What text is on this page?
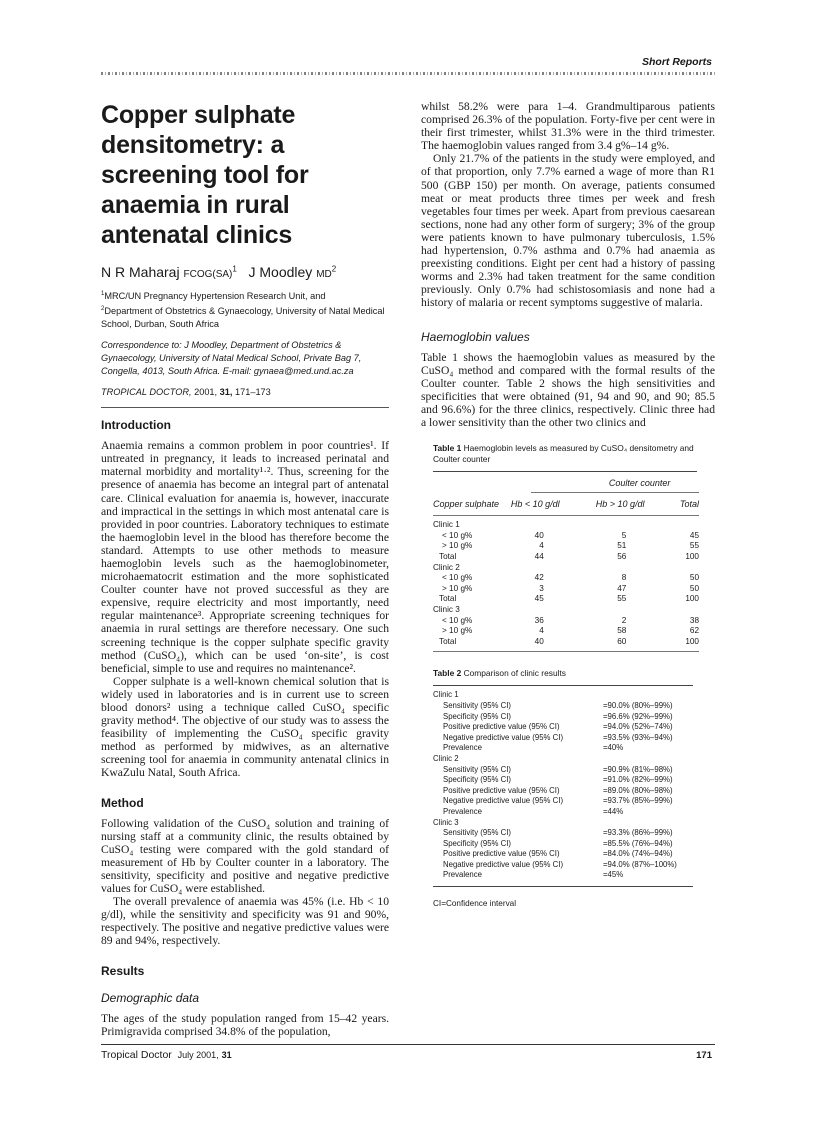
Short Reports
Copper sulphate densitometry: a screening tool for anaemia in rural antenatal clinics
N R Maharaj FCOG(SA)$^1$ J Moodley $MD^2$
$^1$MRC/UN Pregnancy Hypertension Research Unit, and
$^2$Department of Obstetrics & Gynaecology, University of Natal Medical School, Durban, South Africa
Correspondence to: J Moodley, Department of Obstetrics & Gynaecology, University of Natal Medical School, Private Bag 7, Congella, 4013, South Africa. E-mail: gynaea@med.und.ac.za
TROPICAL DOCTOR, 2001, 31, 171–173
Introduction

Anaemia remains a common problem in poor countries¹. If untreated in pregnancy, it leads to increased perinatal and maternal morbidity and mortality¹·². Thus, screening for the presence of anaemia has become an integral part of antenatal care. Clinical evaluation for anaemia is, however, inaccurate and impractical in the settings in which most antenatal care is provided in poor countries. Laboratory techniques to estimate the haemoglobin level in the blood has therefore become the standard. Attempts to use other methods to measure haemoglobin levels such as the haemoglobinometer, microhaematocrit estimation and the more sophisticated Coulter counter have not proved successful as they are expensive, require electricity and most importantly, need regular maintenance³. Appropriate screening techniques for anaemia in rural settings are therefore necessary. One such screening technique is the copper sulphate specific gravity method (CuSO₄), which can be used ‘on-site’, is cost beneficial, simple to use and requires no maintenance².

Copper sulphate is a well-known chemical solution that is widely used in laboratories and is in current use to screen blood donors² using a technique called CuSO₄ specific gravity method⁴. The objective of our study was to assess the feasibility of implementing the CuSO₄ specific gravity method as performed by midwives, as an alternative screening tool for anaemia in community antenatal clinics in KwaZulu Natal, South Africa.

Method

Following validation of the CuSO₄ solution and training of nursing staff at a community clinic, the results obtained by CuSO₄ testing were compared with the gold standard of measurement of Hb by Coulter counter in a laboratory. The sensitivity, specificity and positive and negative predictive values for CuSO₄ were established.

The overall prevalence of anaemia was 45% (i.e. Hb < 10 g/dl), while the sensitivity and specificity was 91 and 90%, respectively. The positive and negative predictive values were 89 and 94%, respectively.

Results
Demographic data

The ages of the study population ranged from 15–42 years. Primigravida comprised 34.8% of the population,

whilst 58.2% were para 1–4. Grandmultiparous patients comprised 26.3% of the population. Forty-five per cent were in their first trimester, whilst 31.3% were in the third trimester. The haemoglobin values ranged from 3.4 g%–14 g%.

Only 21.7% of the patients in the study were employed, and of that proportion, only 7.7% earned a wage of more than R1 500 (GBP 150) per month. On average, patients consumed meat or meat products three times per week and fresh vegetables four times per week. Apart from previous caesarean sections, none had any other form of surgery; 3% of the group were patients known to have pulmonary tuberculosis, 1.5% had hypertension, 0.7% asthma and 0.7% had anaemia as preexisting conditions. Eight per cent had a history of passing worms and 2.3% had taken treatment for the same condition previously. Only 0.7% had schistosomiasis and none had a history of malaria or recent symptoms suggestive of malaria.

Haemoglobin values

Table 1 shows the haemoglobin values as measured by the CuSO₄ method and compared with the formal results of the Coulter counter. Table 2 shows the high sensitivities and specificities that were obtained (91, 94 and 90, and 90; 85.5 and 96.6%) for the three clinics, respectively. Clinic three had a lower sensitivity than the other two clinics and

Table 1 Haemoglobin levels as measured by CuSO₄ densitometry and Coulter counter
	Coulter counter		

Copper sulphate	Hb < 10 g/dl	Hb > 10 g/dl	Total

Clinic 1			
< 10 g%	40	5	45
> 10 g%	4	51	55
Total	44	56	100
Clinic 2			
< 10 g%	42	8	50
> 10 g%	3	47	50
Total	45	55	100
Clinic 3			
< 10 g%	36	2	38
> 10 g%	4	58	62
Total	40	60	100

Table 2 Comparison of clinic results
Clinic 1	
Sensitivity (95% CI)	=90.0% (80%–99%)
Specificity (95% CI)	=96.6% (92%–99%)
Positive predictive value (95% CI)	=94.0% (52%–74%)
Negative predictive value (95% CI)	=93.5% (93%–94%)
Prevalence	=40%
Clinic 2	
Sensitivity (95% CI)	=90.9% (81%–98%)
Specificity (95% CI)	=91.0% (82%–99%)
Positive predictive value (95% CI)	=89.0% (80%–98%)
Negative predictive value (95% CI)	=93.7% (85%–99%)
Prevalence	=44%
Clinic 3	
Sensitivity (95% CI)	=93.3% (86%–99%)
Specificity (95% CI)	=85.5% (76%–94%)
Positive predictive value (95% CI)	=84.0% (74%–94%)
Negative predictive value (95% CI)	=94.0% (87%–100%)
Prevalence	=45%
CI=Confidence interval
Tropical Doctor July 2001, 31	171
